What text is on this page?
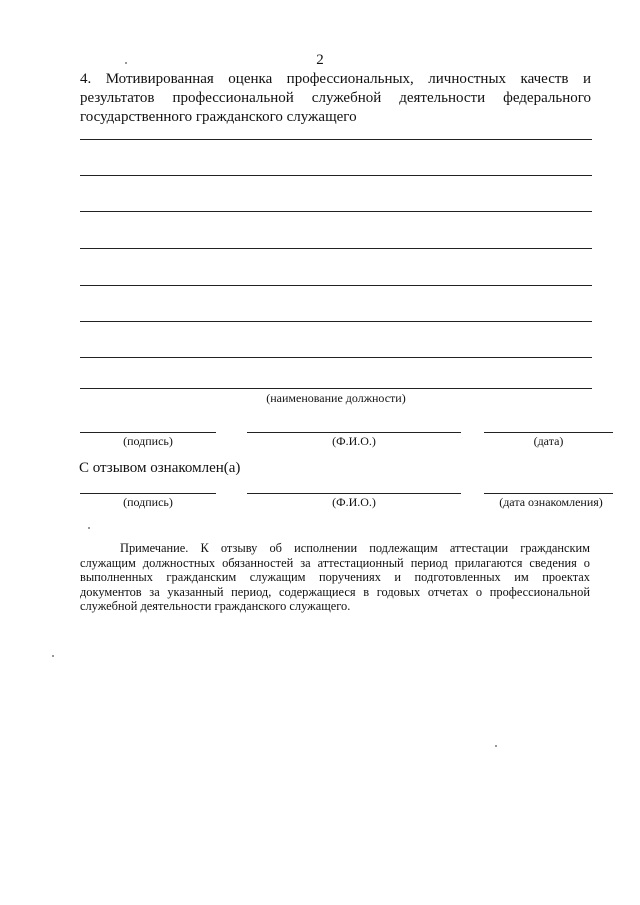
2
4. Мотивированная оценка профессиональных, личностных качеств и
результатов профессиональной служебной деятельности федерального
государственного гражданского служащего
(наименование должности)
(подпись)	(Ф.И.О.)	(дата)
С отзывом ознакомлен(а)
(подпись)	(Ф.И.О.)	(дата ознакомления)
Примечание. К отзыву об исполнении подлежащим аттестации гражданским
служащим должностных обязанностей за аттестационный период прилагаются сведения о
выполненных гражданским служащим поручениях и подготовленных им проектах
документов за указанный период, содержащиеся в годовых отчетах о профессиональной
служебной деятельности гражданского служащего.
